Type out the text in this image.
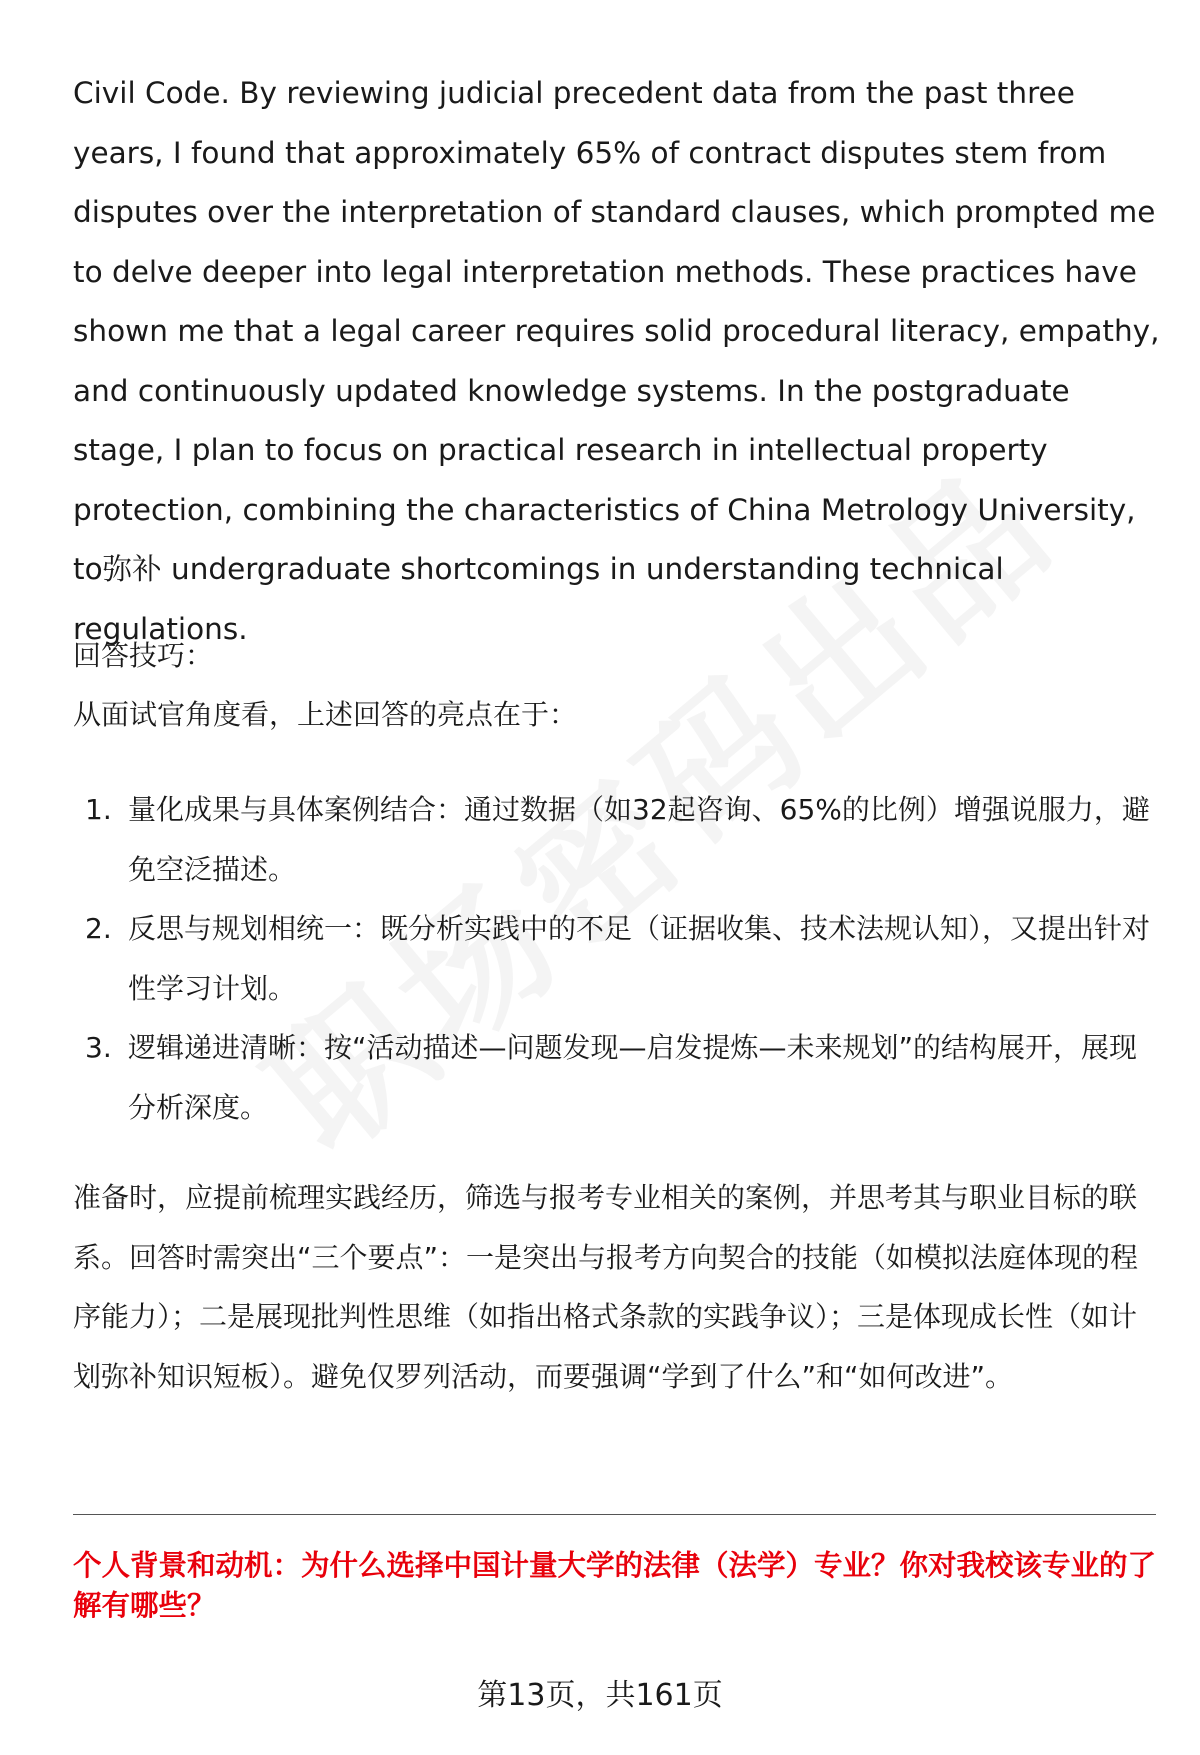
Civil Code. By reviewing judicial precedent data from the past three years, I found that approximately 65% of contract disputes stem from disputes over the interpretation of standard clauses, which prompted me to delve deeper into legal interpretation methods. These practices have shown me that a legal career requires solid procedural literacy, empathy, and continuously updated knowledge systems. In the postgraduate stage, I plan to focus on practical research in intellectual property protection, combining the characteristics of China Metrology University, to弥补 undergraduate shortcomings in understanding technical regulations.

回答技巧：

从面试官角度看，上述回答的亮点在于：

1. 量化成果与具体案例结合：通过数据（如32起咨询、65%的比例）增强说服力，避免空泛描述。
2. 反思与规划相统一：既分析实践中的不足（证据收集、技术法规认知），又提出针对性学习计划。
3. 逻辑递进清晰：按“活动描述—问题发现—启发提炼—未来规划”的结构展开，展现分析深度。

准备时，应提前梳理实践经历，筛选与报考专业相关的案例，并思考其与职业目标的联系。回答时需突出“三个要点”：一是突出与报考方向契合的技能（如模拟法庭体现的程序能力）；二是展现批判性思维（如指出格式条款的实践争议）；三是体现成长性（如计划弥补知识短板）。避免仅罗列活动，而要强调“学到了什么”和“如何改进”。

个人背景和动机：为什么选择中国计量大学的法律（法学）专业？你对我校该专业的了解有哪些？

第13页，共161页
